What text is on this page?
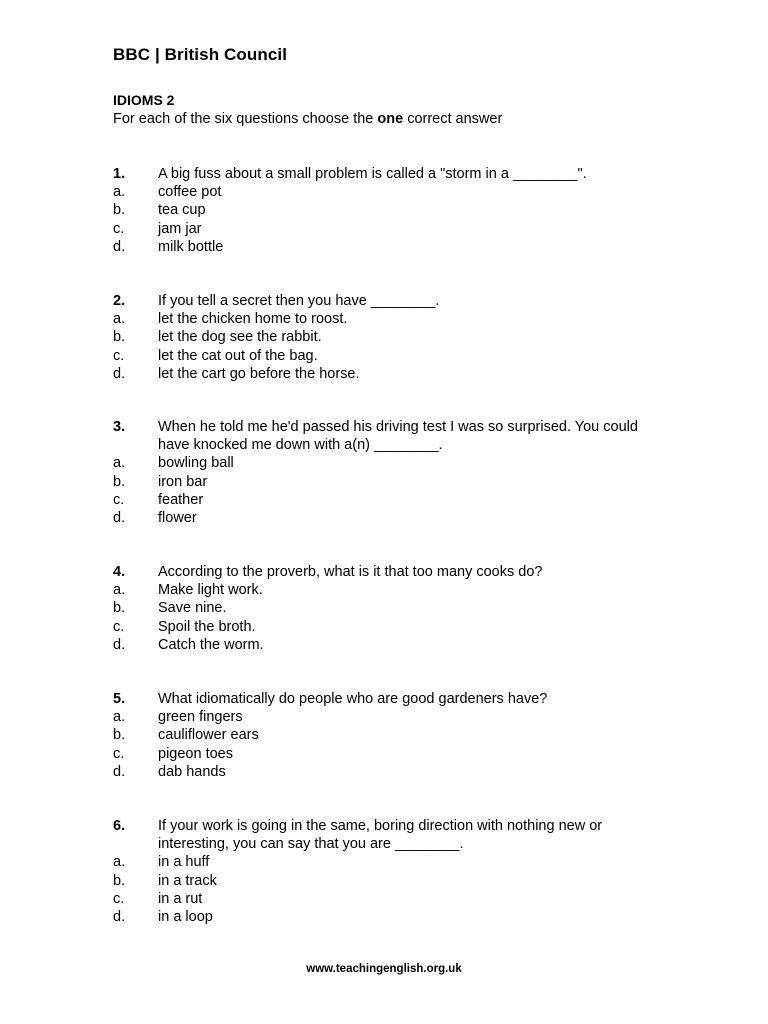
BBC | British Council
IDIOMS 2
For each of the six questions choose the one correct answer
1.	A big fuss about a small problem is called a "storm in a ________".
a.	coffee pot
b.	tea cup
c.	jam jar
d.	milk bottle
2.	If you tell a secret then you have ________.
a.	let the chicken home to roost.
b.	let the dog see the rabbit.
c.	let the cat out of the bag.
d.	let the cart go before the horse.
3.	When he told me he'd passed his driving test I was so surprised. You could have knocked me down with a(n) ________.
a.	bowling ball
b.	iron bar
c.	feather
d.	flower
4.	According to the proverb, what is it that too many cooks do?
a.	Make light work.
b.	Save nine.
c.	Spoil the broth.
d.	Catch the worm.
5.	What idiomatically do people who are good gardeners have?
a.	green fingers
b.	cauliflower ears
c.	pigeon toes
d.	dab hands
6.	If your work is going in the same, boring direction with nothing new or interesting, you can say that you are ________.
a.	in a huff
b.	in a track
c.	in a rut
d.	in a loop
www.teachingenglish.org.uk
